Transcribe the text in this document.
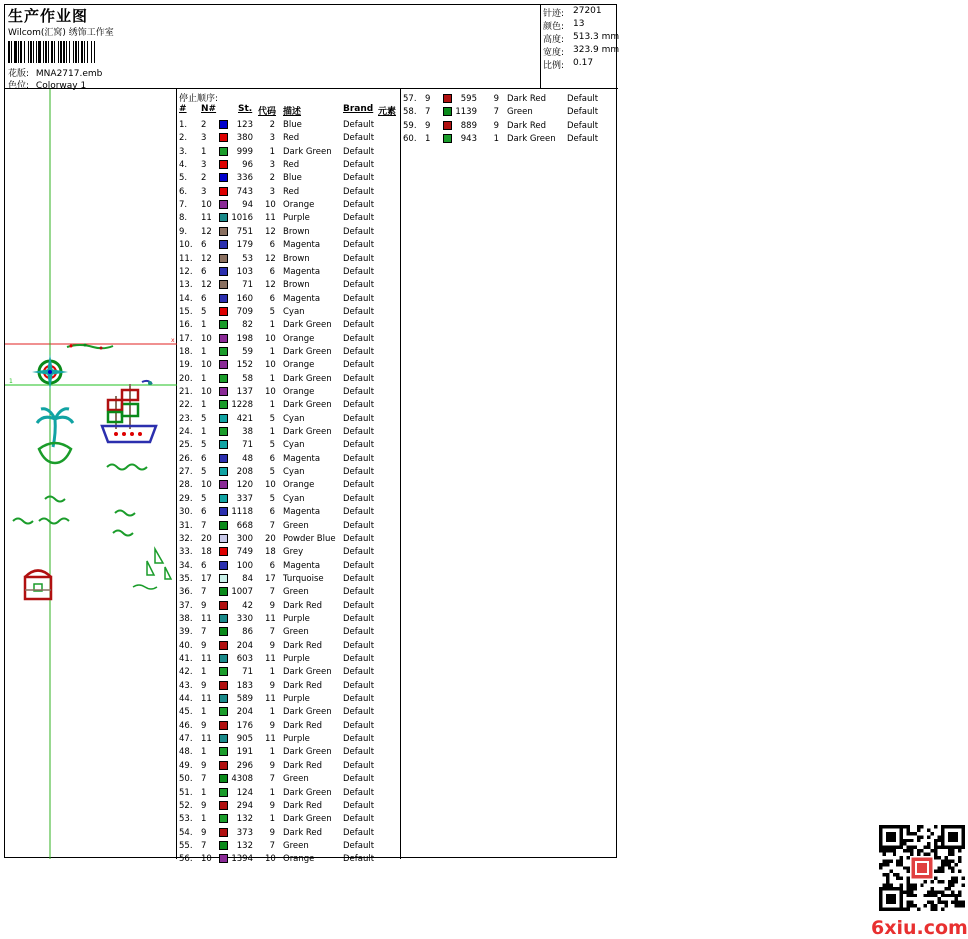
生产作业图
Wilcom(汇窝) 绣饰工作室
花版: MNA2717.emb
色位: Colorway 1
针迹: 27201
颜色: 13
高度: 513.3 mm
宽度: 323.9 mm
比例: 0.17
x
1
停止顺序:
# N# St. 代码 描述	Brand 元素
1. 2	123	2 Blue	Default
2. 3	380	3 Red	Default
3. 1	999	1 Dark Green Default
4. 3	96	3 Red	Default
5. 2	336	2 Blue	Default
6. 3	743	3 Red	Default
7. 10	94 10 Orange	Default
8. 11	1016 11 Purple	Default
9. 12	751 12 Brown	Default
10. 6	179	6 Magenta	Default
11. 12	53 12 Brown	Default
12. 6	103	6 Magenta	Default
13. 12	71 12 Brown	Default
14. 6	160	6 Magenta	Default
15. 5	709	5 Cyan	Default
16. 1	82	1 Dark Green Default
17. 10	198 10 Orange	Default
18. 1	59	1 Dark Green Default
19. 10	152 10 Orange	Default
20. 1	58	1 Dark Green Default
21. 10	137 10 Orange	Default
22. 1	1228	1 Dark Green Default
23. 5	421	5 Cyan	Default
24. 1	38	1 Dark Green Default
25. 5	71	5 Cyan	Default
26. 6	48	6 Magenta	Default
27. 5	208	5 Cyan	Default
28. 10	120 10 Orange	Default
29. 5	337	5 Cyan	Default
30. 6	1118	6 Magenta	Default
31. 7	668	7 Green	Default
32. 20	300 20 Powder Blue Default
33. 18	749 18 Grey	Default
34. 6	100	6 Magenta	Default
35. 17	84 17 Turquoise Default
36. 7	1007	7 Green	Default
37. 9	42	9 Dark Red Default
38. 11	330 11 Purple	Default
39. 7	86	7 Green	Default
40. 9	204	9 Dark Red Default
41. 11	603 11 Purple	Default
42. 1	71	1 Dark Green Default
43. 9	183	9 Dark Red Default
44. 11	589 11 Purple	Default
45. 1	204	1 Dark Green Default
46. 9	176	9 Dark Red Default
47. 11	905 11 Purple	Default
48. 1	191	1 Dark Green Default
49. 9	296	9 Dark Red Default
50. 7	4308	7 Green	Default
51. 1	124	1 Dark Green Default
52. 9	294	9 Dark Red Default
53. 1	132	1 Dark Green Default
54. 9	373	9 Dark Red Default
55. 7	132	7 Green	Default
56. 10	1394 10 Orange	Default
57. 9	595	9 Dark Red Default
58. 7	1139	7 Green	Default
59. 9	889	9 Dark Red Default
60. 1	943	1 Dark Green Default
6xiu.com
